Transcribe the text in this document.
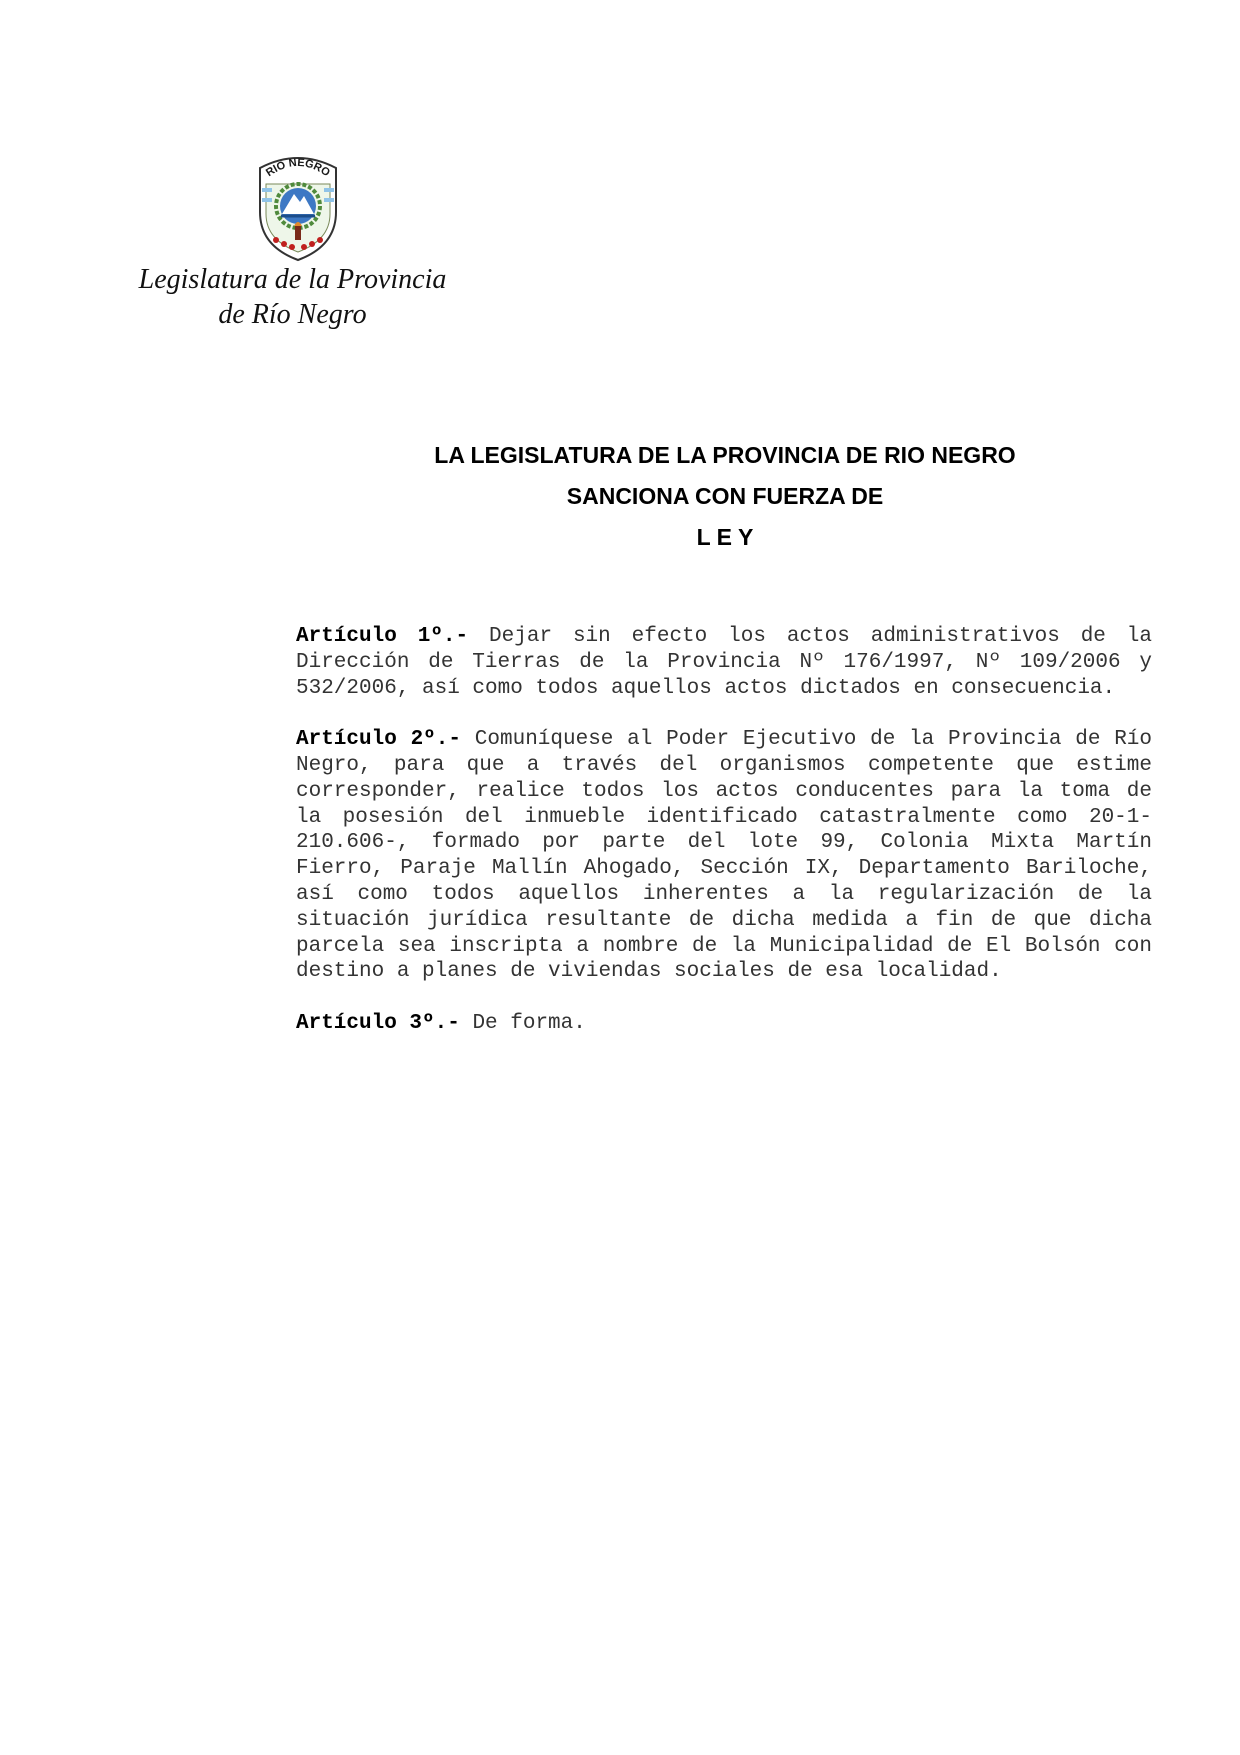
RIO NEGRO
Legislatura de la Provincia
de Río Negro
LA LEGISLATURA DE LA PROVINCIA DE RIO NEGRO
SANCIONA CON FUERZA DE
L E Y

Artículo 1º.- Dejar sin efecto los actos administrativos de la Dirección de Tierras de la Provincia Nº 176/1997, Nº 109/2006 y 532/2006, así como todos aquellos actos dictados en consecuencia.

Artículo 2º.- Comuníquese al Poder Ejecutivo de la Provincia de Río Negro, para que a través del organismos competente que estime corresponder, realice todos los actos conducentes para la toma de la posesión del inmueble identificado catastralmente como 20-1-210.606-, formado por parte del lote 99, Colonia Mixta Martín Fierro, Paraje Mallín Ahogado, Sección IX, Departamento Bariloche, así como todos aquellos inherentes a la regularización de la situación jurídica resultante de dicha medida a fin de que dicha parcela sea inscripta a nombre de la Municipalidad de El Bolsón con destino a planes de viviendas sociales de esa localidad.

Artículo 3º.- De forma.
